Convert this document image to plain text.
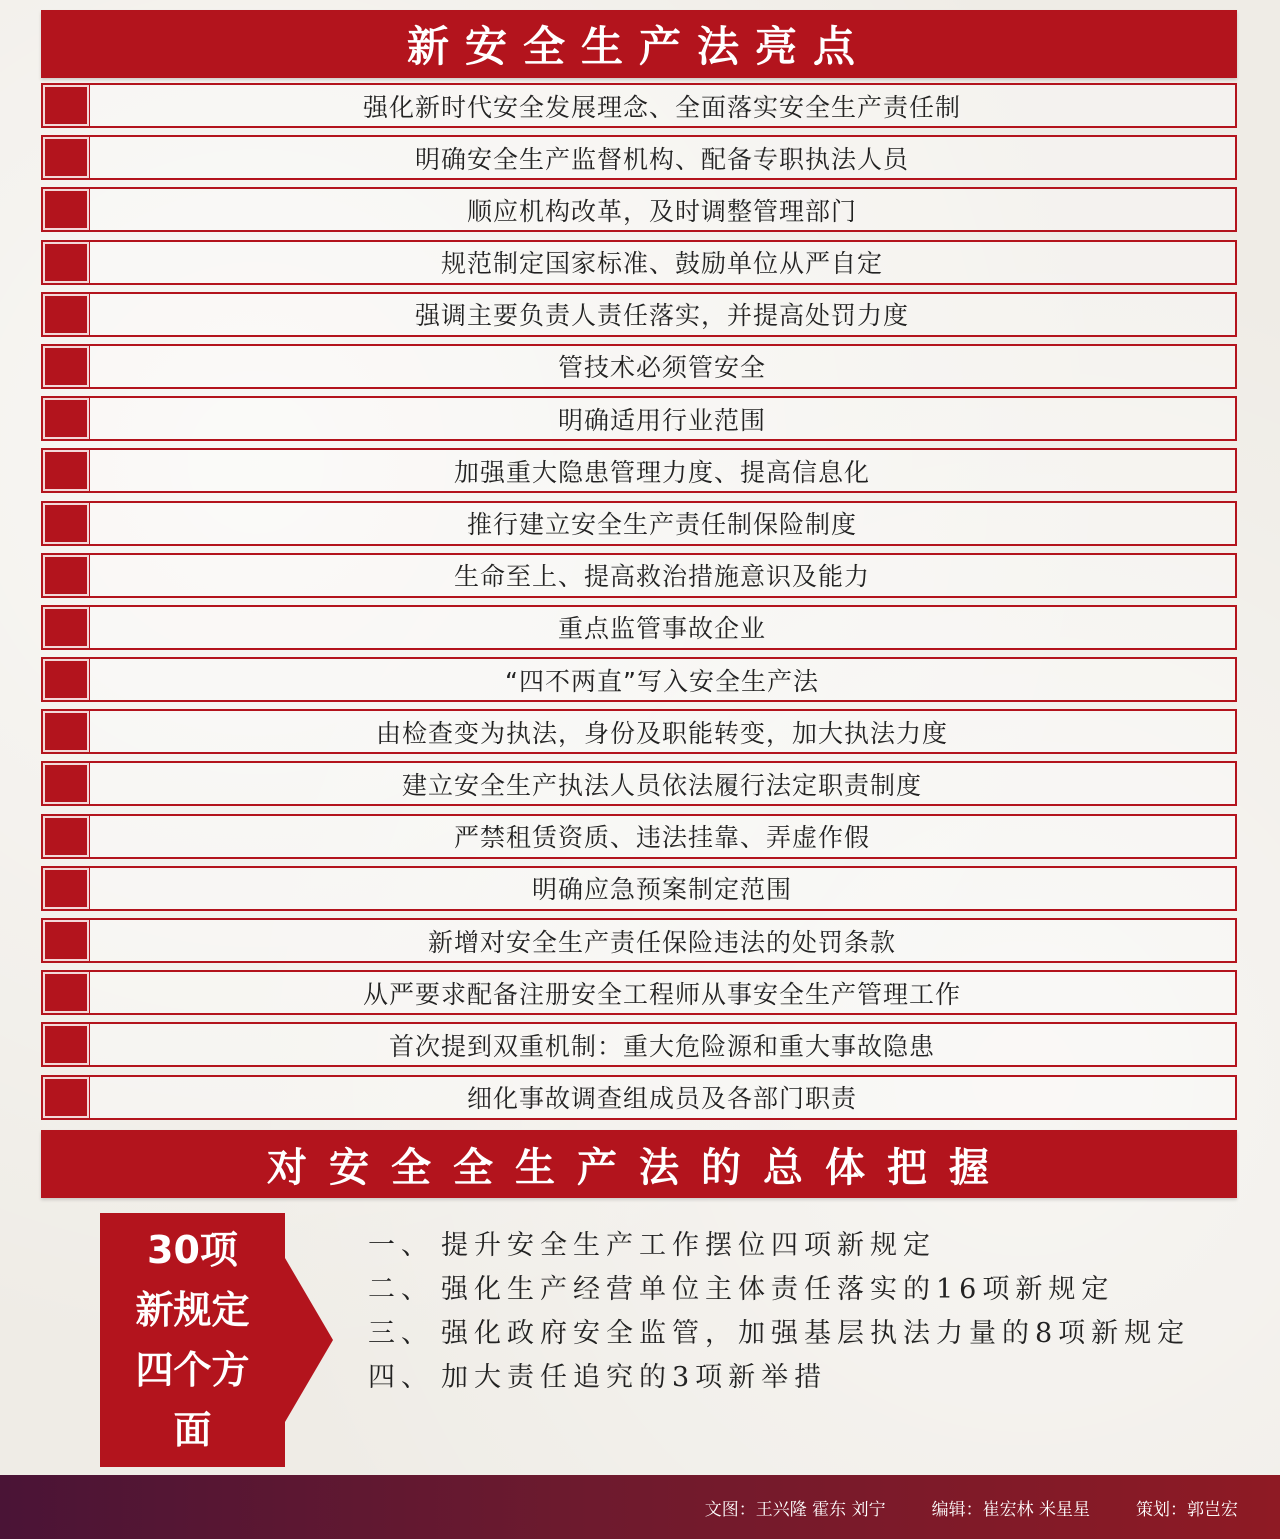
新安全生产法亮点
强化新时代安全发展理念、全面落实安全生产责任制
明确安全生产监督机构、配备专职执法人员
顺应机构改革，及时调整管理部门
规范制定国家标准、鼓励单位从严自定
强调主要负责人责任落实，并提高处罚力度
管技术必须管安全
明确适用行业范围
加强重大隐患管理力度、提高信息化
推行建立安全生产责任制保险制度
生命至上、提高救治措施意识及能力
重点监管事故企业
“四不两直”写入安全生产法
由检查变为执法，身份及职能转变，加大执法力度
建立安全生产执法人员依法履行法定职责制度
严禁租赁资质、违法挂靠、弄虚作假
明确应急预案制定范围
新增对安全生产责任保险违法的处罚条款
从严要求配备注册安全工程师从事安全生产管理工作
首次提到双重机制：重大危险源和重大事故隐患
细化事故调查组成员及各部门职责
对安全全生产法的总体把握
30项
新规定
四个方
面
一、 提升安全生产工作摆位四项新规定
二、 强化生产经营单位主体责任落实的16项新规定
三、 强化政府安全监管，加强基层执法力量的8项新规定
四、 加大责任追究的3项新举措
文图：王兴隆 霍东 刘宁	编辑：崔宏林 米星星	策划：郭岂宏
